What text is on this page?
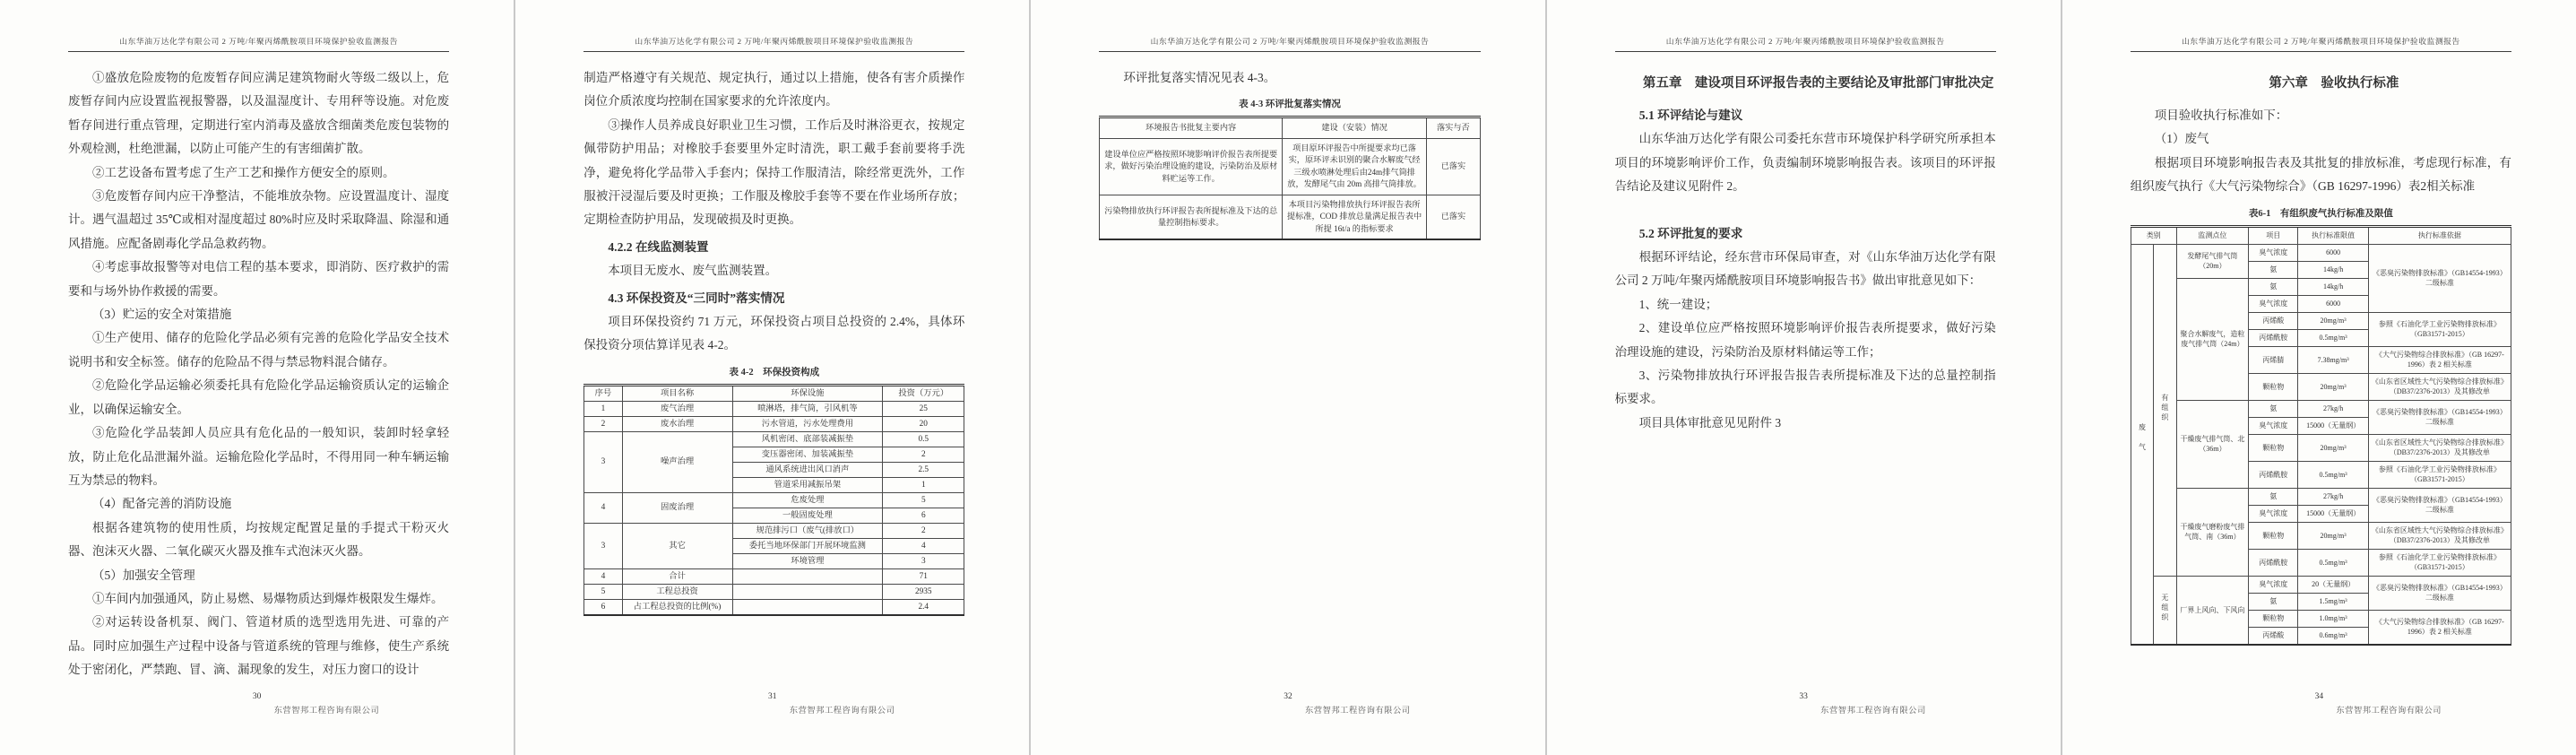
山东华油万达化学有限公司 2 万吨/年聚丙烯酰胺项目环境保护验收监测报告

①盛放危险废物的危废暂存间应满足建筑物耐火等级二级以上，危废暂存间内应设置监视报警器，以及温湿度计、专用秤等设施。对危废暂存间进行重点管理，定期进行室内消毒及盛放含细菌类危废包装物的外观检测，杜绝泄漏，以防止可能产生的有害细菌扩散。

②工艺设备布置考虑了生产工艺和操作方便安全的原则。

③危废暂存间内应干净整洁，不能堆放杂物。应设置温度计、湿度计。遇气温超过 35℃或相对湿度超过 80%时应及时采取降温、除湿和通风措施。应配备剧毒化学品急救药物。

④考虑事故报警等对电信工程的基本要求，即消防、医疗救护的需要和与场外协作救援的需要。

（3）贮运的安全对策措施

①生产使用、储存的危险化学品必须有完善的危险化学品安全技术说明书和安全标签。储存的危险品不得与禁忌物料混合储存。

②危险化学品运输必须委托具有危险化学品运输资质认定的运输企业，以确保运输安全。

③危险化学品装卸人员应具有危化品的一般知识，装卸时轻拿轻放，防止危化品泄漏外溢。运输危险化学品时，不得用同一种车辆运输互为禁忌的物料。

（4）配备完善的消防设施

根据各建筑物的使用性质，均按规定配置足量的手提式干粉灭火器、泡沫灭火器、二氧化碳灭火器及推车式泡沫灭火器。

（5）加强安全管理

①车间内加强通风，防止易燃、易爆物质达到爆炸极限发生爆炸。

②对运转设备机泵、阀门、管道材质的选型选用先进、可靠的产品。同时应加强生产过程中设备与管道系统的管理与维修，使生产系统处于密闭化，严禁跑、冒、滴、漏现象的发生，对压力窗口的设计

30
东营智邦工程咨询有限公司
山东华油万达化学有限公司 2 万吨/年聚丙烯酰胺项目环境保护验收监测报告

制造严格遵守有关规范、规定执行，通过以上措施，使各有害介质操作岗位介质浓度均控制在国家要求的允许浓度内。

③操作人员养成良好职业卫生习惯，工作后及时淋浴更衣，按规定佩带防护用品；对橡胶手套要里外定时清洗，职工戴手套前要将手洗净，避免将化学品带入手套内；保持工作服清洁，除经常更洗外，工作服被汗浸湿后要及时更换；工作服及橡胶手套等不要在作业场所存放；定期检查防护用品，发现破损及时更换。

4.2.2 在线监测装置

本项目无废水、废气监测装置。

4.3 环保投资及“三同时”落实情况

项目环保投资约 71 万元，环保投资占项目总投资的 2.4%，具体环保投资分项估算详见表 4-2。

表 4-2　环保投资构成
序号	项目名称	环保设施	投资（万元）
1	废气治理	喷淋塔，排气筒，引风机等	25
2	废水治理	污水管道，污水处理费用	20
3	噪声治理	风机密闭、底部装减振垫	0.5
		变压器密闭、加装减振垫	2
		通风系统进出风口消声	2.5
		管道采用减振吊架	1
4	固废治理	危废处理	5
		一般固废处理	6
3	其它	规范排污口（废气(排放口）	2
		委托当地环保部门开展环境监测	4
		环境管理	3
4	合计		71
5	工程总投资		2935
6	占工程总投资的比例(%)		2.4
31
东营智邦工程咨询有限公司
山东华油万达化学有限公司 2 万吨/年聚丙烯酰胺项目环境保护验收监测报告

环评批复落实情况见表 4-3。

表 4-3 环评批复落实情况
环境报告书批复主要内容	建设（安装）情况	落实与否
建设单位应严格按照环境影响评价报告表所提要求，做好污染治理设施的建设，污染防治及原材料贮运等工作。	项目原环评报告中所提要求均已落实，原环评未识别的聚合水解废气经三级水喷淋处理后由24m排气筒排放，发酵尾气由 20m 高排气筒排放。	已落实
污染物排放执行环评报告表所提标准及下达的总量控制指标要求。	本项目污染物排放执行环评报告表所提标准，COD 排放总量满足报告表中所提 16t/a 的指标要求	已落实
32
东营智邦工程咨询有限公司
山东华油万达化学有限公司 2 万吨/年聚丙烯酰胺项目环境保护验收监测报告

第五章　建设项目环评报告表的主要结论及审批部门审批决定

5.1 环评结论与建议

山东华油万达化学有限公司委托东营市环境保护科学研究所承担本项目的环境影响评价工作，负责编制环境影响报告表。该项目的环评报告结论及建议见附件 2。

5.2 环评批复的要求

根据环评结论，经东营市环保局审查，对《山东华油万达化学有限公司 2 万吨/年聚丙烯酰胺项目环境影响报告书》做出审批意见如下：

1、统一建设；

2、建设单位应严格按照环境影响评价报告表所提要求，做好污染治理设施的建设，污染防治及原材料储运等工作；

3、污染物排放执行环评报告报告表所提标准及下达的总量控制指标要求。

项目具体审批意见见附件 3

33
东营智邦工程咨询有限公司
山东华油万达化学有限公司 2 万吨/年聚丙烯酰胺项目环境保护验收监测报告

第六章　验收执行标准

项目验收执行标准如下：

（1）废气

根据项目环境影响报告表及其批复的排放标准，考虑现行标准，有组织废气执行《大气污染物综合》（GB 16297-1996）表2相关标准

表6-1　有组织废气执行标准及限值
类别		监测点位	项目	执行标准限值	执行标准依据
废气	有组织	发酵尾气排气筒（20m）	臭气浓度	6000	《恶臭污染物排放标准》（GB14554-1993）二级标准
			氨	14kg/h	
		聚合水解废气，造粒废气排气筒（24m）	氨	14kg/h	
			臭气浓度	6000	
			丙烯酸	20mg/m³	参照《石油化学工业污染物排放标准》（GB31571-2015）
			丙烯酰胺	0.5mg/m³	
			丙烯腈	7.38mg/m³	《大气污染物综合排放标准》（GB 16297-1996）表 2 相关标准
			颗粒物	20mg/m³	《山东省区域性大气污染物综合排放标准》（DB37/2376-2013）及其修改单
		干燥废气排气筒、北（36m）	氨	27kg/h	《恶臭污染物排放标准》（GB14554-1993）二级标准
			臭气浓度	15000（无量纲）	
			颗粒物	20mg/m³	《山东省区域性大气污染物综合排放标准》（DB37/2376-2013）及其修改单
			丙烯酰胺	0.5mg/m³	参照《石油化学工业污染物排放标准》（GB31571-2015）
		干燥废气磨粉废气排气筒、南（36m）	氨	27kg/h	《恶臭污染物排放标准》（GB14554-1993）二级标准
			臭气浓度	15000（无量纲）	
			颗粒物	20mg/m³	《山东省区域性大气污染物综合排放标准》（DB37/2376-2013）及其修改单
			丙烯酰胺	0.5mg/m³	参照《石油化学工业污染物排放标准》（GB31571-2015）
	无组织	厂界上风向、下风向	臭气浓度	20（无量纲）	《恶臭污染物排放标准》（GB14554-1993）二级标准
			氨	1.5mg/m³	
			颗粒物	1.0mg/m³	《大气污染物综合排放标准》（GB 16297-1996）表 2 相关标准
			丙烯酸	0.6mg/m³	
34
东营智邦工程咨询有限公司
